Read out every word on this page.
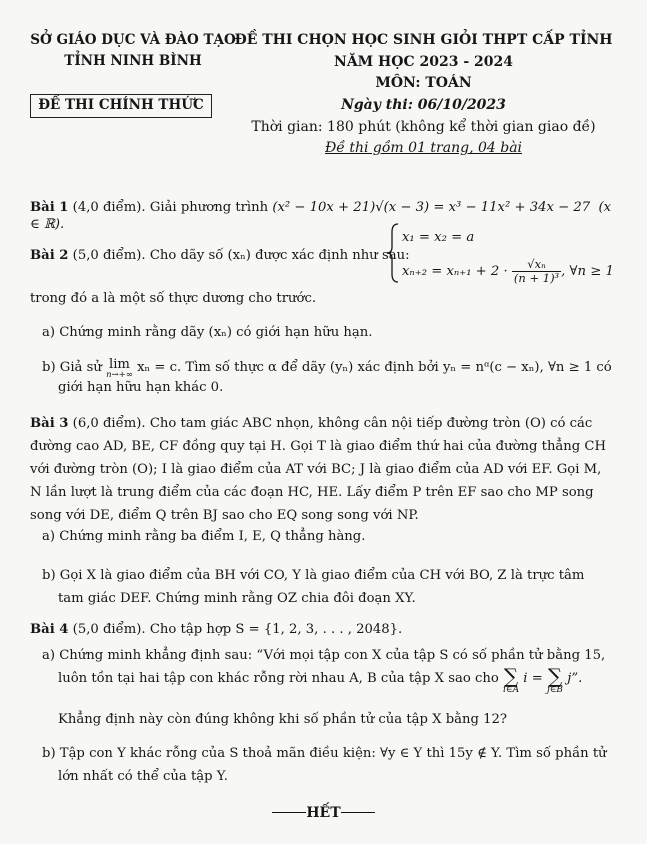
SỞ GIÁO DỤC VÀ ĐÀO TẠO
TỈNH NINH BÌNH
ĐỀ THI CHÍNH THỨC
ĐỀ THI CHỌN HỌC SINH GIỎI THPT CẤP TỈNH
NĂM HỌC 2023 - 2024
MÔN: TOÁN
Ngày thi: 06/10/2023
Thời gian: 180 phút (không kể thời gian giao đề)
Đề thi gồm 01 trang, 04 bài
Bài 1 (4,0 điểm). Giải phương trình (x² − 10x + 21)√(x − 3) = x³ − 11x² + 34x − 27 (x ∈ ℝ).
Bài 2 (5,0 điểm). Cho dãy số (xₙ) được xác định như sau:
x₁ = x₂ = a
$x_{n+2} = x_{n+1} + 2 \cdot \frac{\text{√xₙ}}{\text{(n + 1)³}}$ , ∀n ≥ 1
trong đó a là một số thực dương cho trước.
a) Chứng minh rằng dãy (xₙ) có giới hạn hữu hạn.
b) Giả sử lim
n→+∞ xₙ = c. Tìm số thực α để dãy (yₙ) xác định bởi yₙ = nᵅ(c − xₙ), ∀n ≥ 1 có
giới hạn hữu hạn khác 0.
Bài 3 (6,0 điểm). Cho tam giác ABC nhọn, không cân nội tiếp đường tròn (O) có các
đường cao AD, BE, CF đồng quy tại H. Gọi T là giao điểm thứ hai của đường thẳng CH
với đường tròn (O); I là giao điểm của AT với BC; J là giao điểm của AD với EF. Gọi M,
N lần lượt là trung điểm của các đoạn HC, HE. Lấy điểm P trên EF sao cho MP song
song với DE, điểm Q trên BJ sao cho EQ song song với NP.
a) Chứng minh rằng ba điểm I, E, Q thẳng hàng.
b) Gọi X là giao điểm của BH với CO, Y là giao điểm của CH với BO, Z là trực tâm
tam giác DEF. Chứng minh rằng OZ chia đôi đoạn XY.
Bài 4 (5,0 điểm). Cho tập hợp S = {1, 2, 3, . . . , 2048}.
a) Chứng minh khẳng định sau: “Với mọi tập con X của tập S có số phần tử bằng 15,
luôn tồn tại hai tập con khác rỗng rời nhau A, B của tập X sao cho ∑
i∈A
i = ∑
j∈B
j”.
Khẳng định này còn đúng không khi số phần tử của tập X bằng 12?
b) Tập con Y khác rỗng của S thoả mãn điều kiện: ∀y ∈ Y thì 15y ∉ Y. Tìm số phần tử
lớn nhất có thể của tập Y.
HẾT
